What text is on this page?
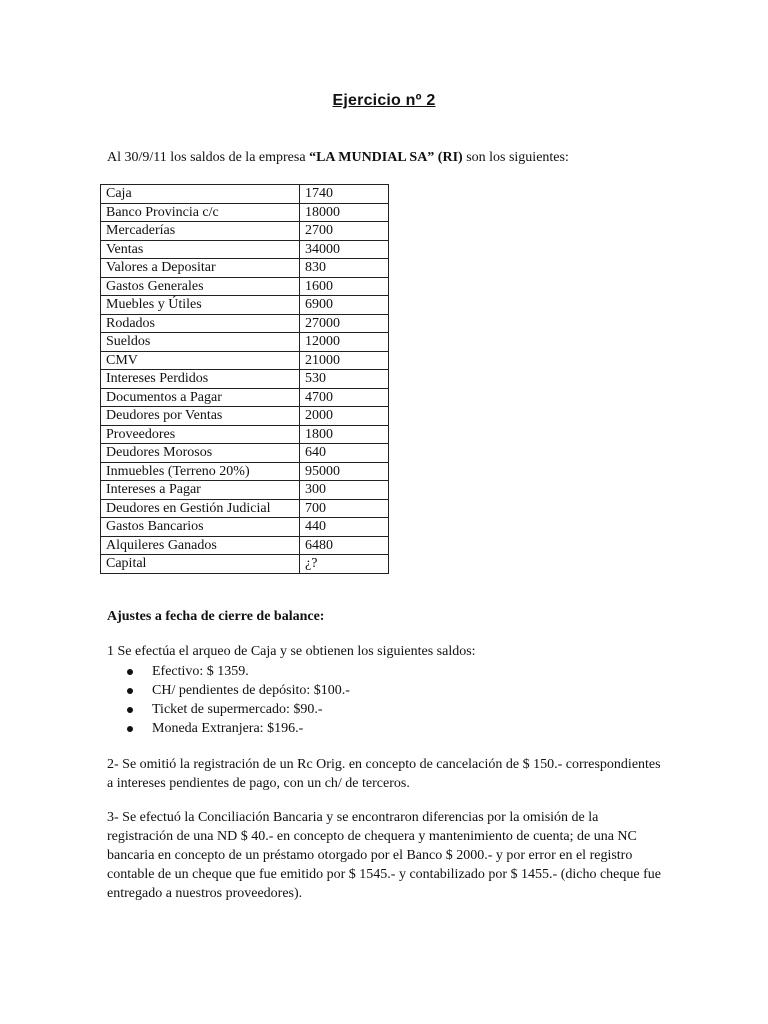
Ejercicio nº 2
Al 30/9/11 los saldos de la empresa “LA MUNDIAL SA” (RI) son los siguientes:
Caja	1740
Banco Provincia c/c	18000
Mercaderías	2700
Ventas	34000
Valores a Depositar	830
Gastos Generales	1600
Muebles y Útiles	6900
Rodados	27000
Sueldos	12000
CMV	21000
Intereses Perdidos	530
Documentos a Pagar	4700
Deudores por Ventas	2000
Proveedores	1800
Deudores Morosos	640
Inmuebles (Terreno 20%)	95000
Intereses a Pagar	300
Deudores en Gestión Judicial	700
Gastos Bancarios	440
Alquileres Ganados	6480
Capital	¿?
Ajustes a fecha de cierre de balance:
1 Se efectúa el arqueo de Caja y se obtienen los siguientes saldos:
Efectivo: $ 1359.
CH/ pendientes de depósito: $100.-
Ticket de supermercado: $90.-
Moneda Extranjera: $196.-
2- Se omitió la registración de un Rc Orig. en concepto de cancelación de $ 150.- correspondientes a intereses pendientes de pago, con un ch/ de terceros.
3- Se efectuó la Conciliación Bancaria y se encontraron diferencias por la omisión de la registración de una ND $ 40.- en concepto de chequera y mantenimiento de cuenta; de una NC bancaria en concepto de un préstamo otorgado por el Banco $ 2000.- y por error en el registro contable de un cheque que fue emitido por $ 1545.- y contabilizado por $ 1455.- (dicho cheque fue entregado a nuestros proveedores).
